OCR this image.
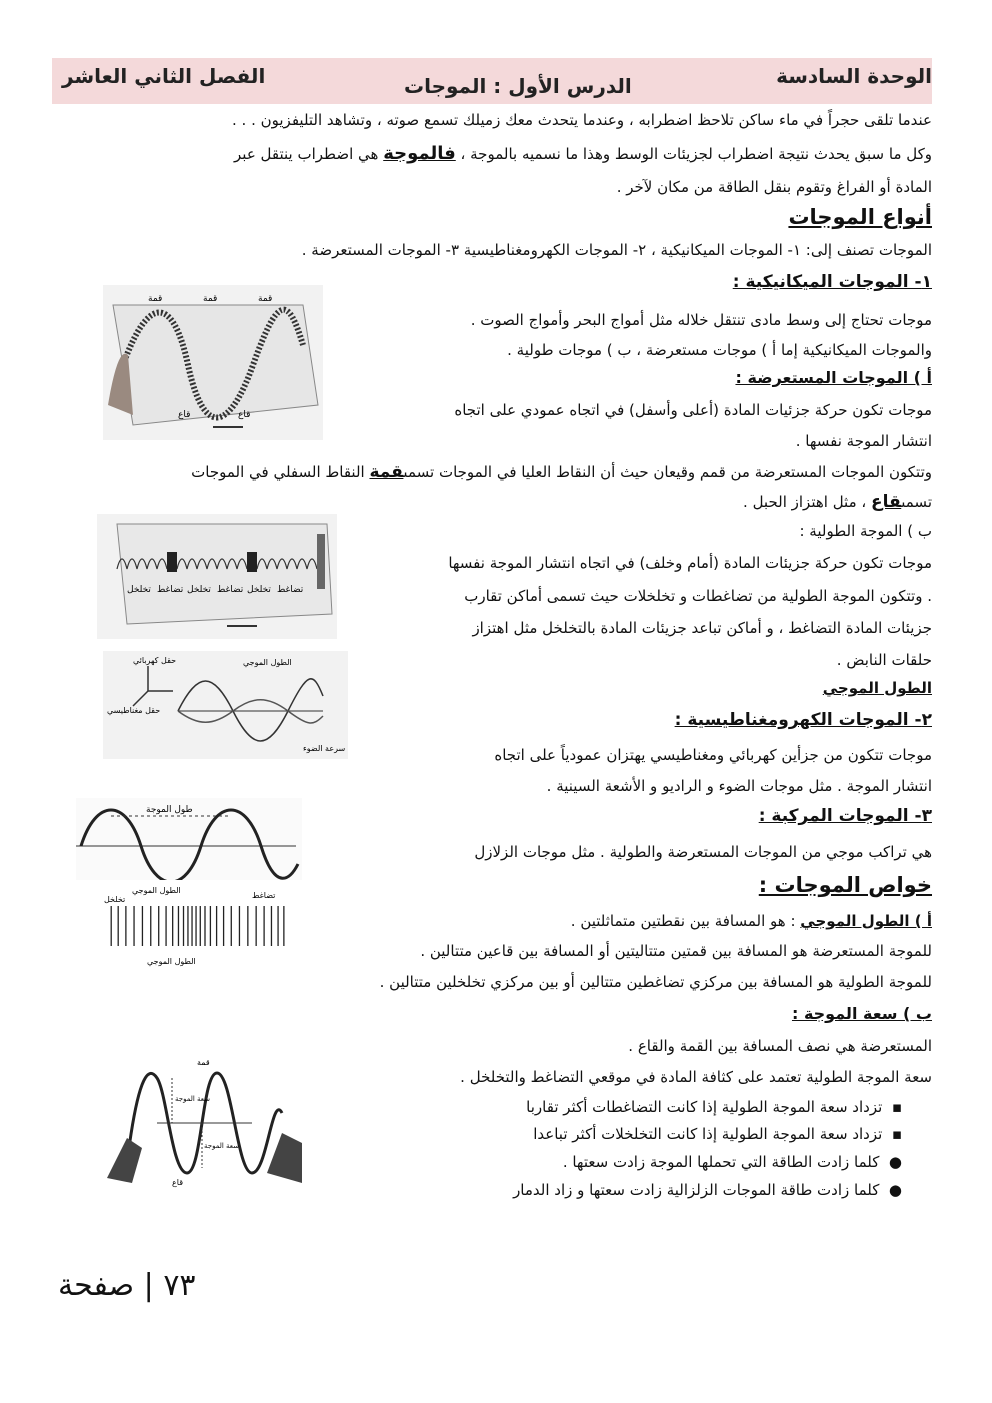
الوحدة السادسة
الدرس الأول : الموجات
الفصل الثاني العاشر
عندما تلقى حجراً في ماء ساكن تلاحظ اضطرابه ، وعندما يتحدث معك زميلك تسمع صوته ، وتشاهد التليفزيون . . .
وكل ما سبق يحدث نتيجة اضطراب لجزيئات الوسط وهذا ما نسميه بالموجة ، فالموجة هي اضطراب ينتقل عبر
المادة أو الفراغ وتقوم بنقل الطاقة من مكان لآخر .
أنواع الموجات
الموجات تصنف إلى: ١- الموجات الميكانيكية ، ٢- الموجات الكهرومغناطيسية ٣- الموجات المستعرضة .
١- الموجات الميكانيكية :
موجات تحتاج إلى وسط مادى تنتقل خلاله مثل أمواج البحر وأمواج الصوت .
والموجات الميكانيكية إما أ ) موجات مستعرضة ، ب ) موجات طولية .
أ ) الموجات المستعرضة :
موجات تكون حركة جزئيات المادة (أعلى وأسفل) في اتجاه عمودي على اتجاه
انتشار الموجة نفسها .
وتتكون الموجات المستعرضة من قمم وقيعان حيث أن النقاط العليا في الموجات تسمىقمة النقاط السفلي في الموجات
تسمىقاع ، مثل اهتزاز الحبل .
ب ) الموجة الطولية :
موجات تكون حركة جزيئات المادة (أمام وخلف) في اتجاه انتشار الموجة نفسها
. وتتكون الموجة الطولية من تضاغطات و تخلخلات حيث تسمى أماكن تقارب
جزيئات المادة التضاغط ، و أماكن تباعد جزيئات المادة بالتخلخل مثل اهتزاز
حلقات النابض .
الطول الموجي
٢- الموجات الكهرومغناطيسية :
موجات تتكون من جزأين كهربائي ومغناطيسي يهتزان عمودياً على اتجاه
انتشار الموجة . مثل موجات الضوء و الراديو و الأشعة السينية .
٣- الموجات المركبة :
هي تراكب موجي من الموجات المستعرضة والطولية . مثل موجات الزلازل
خواص الموجات :
أ ) الطول الموجي : هو المسافة بين نقطتين متماثلتين .
للموجة المستعرضة هو المسافة بين قمتين متتاليتين أو المسافة بين قاعين متتالين .
للموجة الطولية هو المسافة بين مركزي تضاغطين متتالين أو بين مركزي تخلخلين متتالين .
ب ) سعة الموجة :
المستعرضة هي نصف المسافة بين القمة والقاع .
سعة الموجة الطولية تعتمد على كثافة المادة في موقعي التضاغط والتخلخل .
▪  تزداد سعة الموجة الطولية إذا كانت التضاغطات أكثر تقاربا
▪  تزداد سعة الموجة الطولية إذا كانت التخلخلات أكثر تباعدا
●  كلما زادت الطاقة التي تحملها الموجة زادت سعتها .
●  كلما زادت طاقة الموجات الزلزالية زادت سعتها و زاد الدمار
قمة	قمة	قمة
قاع	قاع
تخلخل تضاغط تخلخل تضاغط تخلخل تضاغط
حقل كهربائي
حقل مغناطيسي
الطول الموجي
سرعة الضوء
طول الموجة
الطول الموجي
تضاغط
تخلخل
الطول الموجي
قمة
سعة الموجة
سعة الموجة
قاع
٧٣ | صفحة
